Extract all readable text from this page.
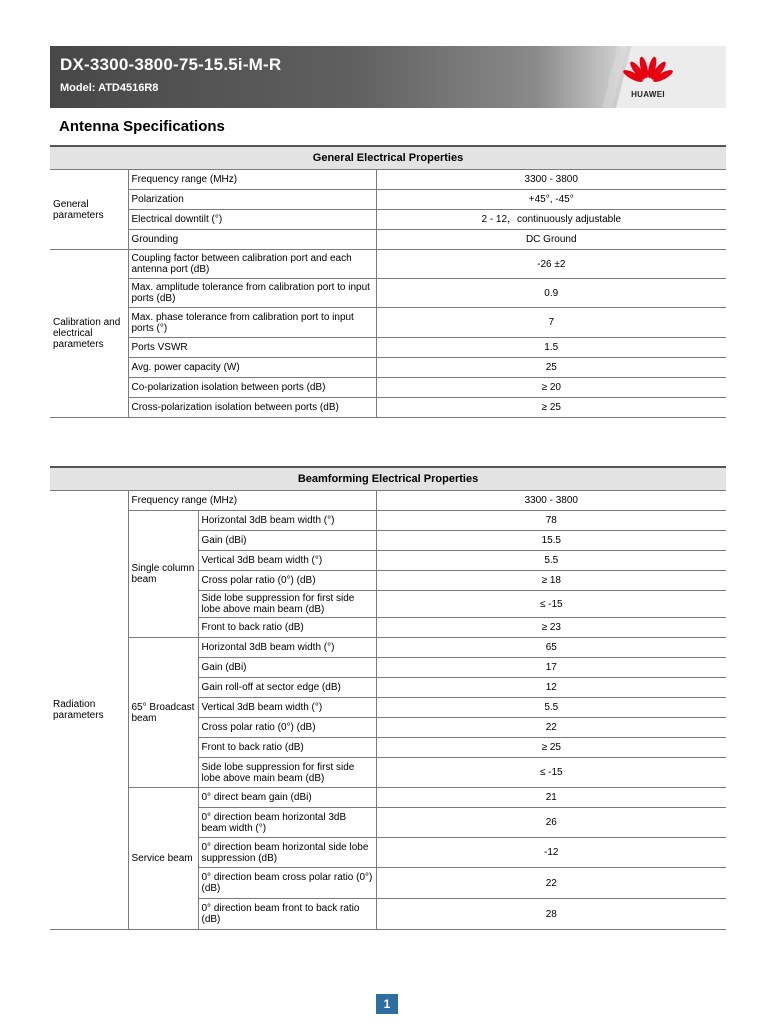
DX-3300-3800-75-15.5i-M-R
Model: ATD4516R8
HUAWEI
Antenna Specifications
General Electrical Properties		
General parameters	Frequency range (MHz)	3300 - 3800
	Polarization	+45°, -45°
	Electrical downtilt (°)	2 - 12，continuously adjustable
	Grounding	DC Ground
Calibration and electrical parameters	Coupling factor between calibration port and each antenna port (dB)	-26 ±2
	Max. amplitude tolerance from calibration port to input ports (dB)	0.9
	Max. phase tolerance from calibration port to input ports (°)	7
	Ports VSWR	1.5
	Avg. power capacity (W)	25
	Co-polarization isolation between ports (dB)	≥ 20
	Cross-polarization isolation between ports (dB)	≥ 25
Beamforming Electrical Properties			
Radiation parameters	Frequency range (MHz)		3300 - 3800
	Single column beam	Horizontal 3dB beam width (°)	78
		Gain (dBi)	15.5
		Vertical 3dB beam width (°)	5.5
		Cross polar ratio (0°) (dB)	≥ 18
		Side lobe suppression for first side lobe above main beam (dB)	≤ -15
		Front to back ratio (dB)	≥ 23
	65° Broadcast beam	Horizontal 3dB beam width (°)	65
		Gain (dBi)	17
		Gain roll-off at sector edge (dB)	12
		Vertical 3dB beam width (°)	5.5
		Cross polar ratio (0°) (dB)	22
		Front to back ratio (dB)	≥ 25
		Side lobe suppression for first side lobe above main beam (dB)	≤ -15
	Service beam	0° direct beam gain (dBi)	21
		0° direction beam horizontal 3dB beam width (°)	26
		0° direction beam horizontal side lobe suppression (dB)	-12
		0° direction beam cross polar ratio (0°) (dB)	22
		0° direction beam front to back ratio (dB)	28
1
